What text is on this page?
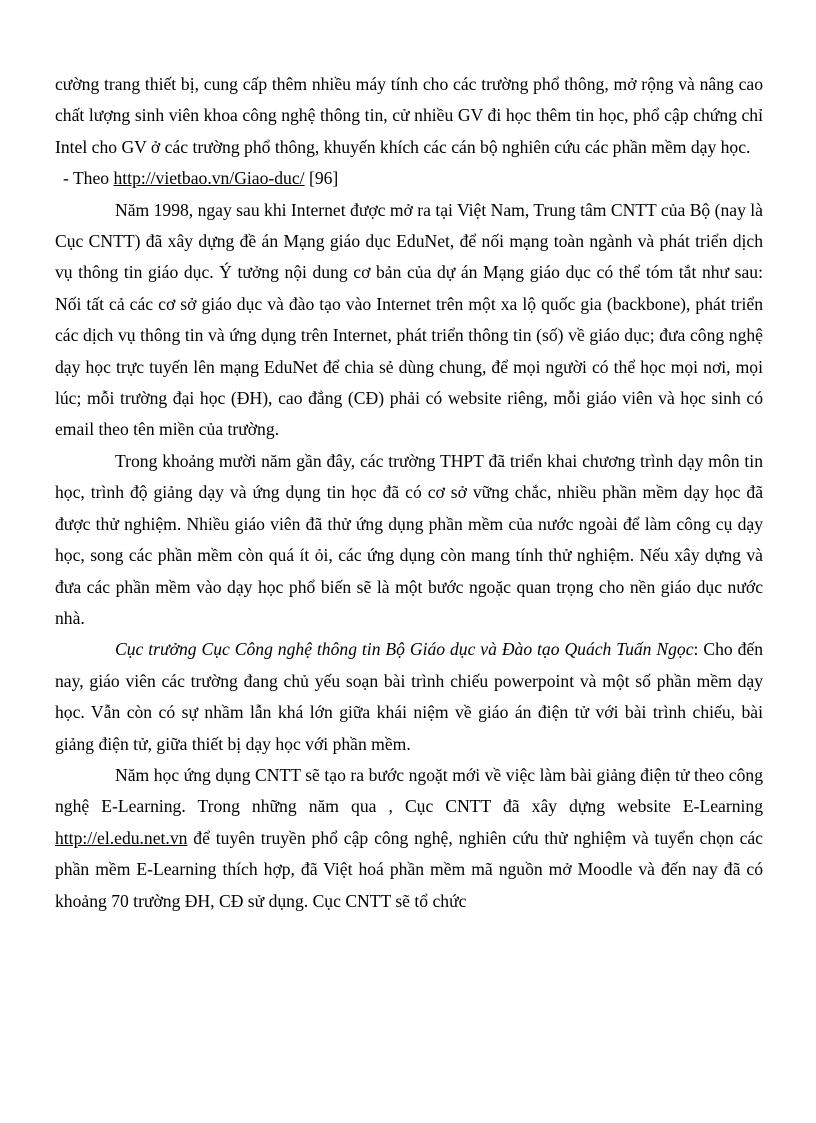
cường trang thiết bị, cung cấp thêm nhiều máy tính cho các trường phổ thông, mở rộng và nâng cao chất lượng sinh viên khoa công nghệ thông tin, cử nhiều GV đi học thêm tin học, phổ cập chứng chỉ Intel cho GV ở các trường phổ thông, khuyến khích các cán bộ nghiên cứu các phần mềm dạy học.

- Theo http://vietbao.vn/Giao-duc/ [96]

Năm 1998, ngay sau khi Internet được mở ra tại Việt Nam, Trung tâm CNTT của Bộ (nay là Cục CNTT) đã xây dựng đề án Mạng giáo dục EduNet, để nối mạng toàn ngành và phát triển dịch vụ thông tin giáo dục. Ý tưởng nội dung cơ bản của dự án Mạng giáo dục có thể tóm tắt như sau: Nối tất cả các cơ sở giáo dục và đào tạo vào Internet trên một xa lộ quốc gia (backbone), phát triển các dịch vụ thông tin và ứng dụng trên Internet, phát triển thông tin (số) về giáo dục; đưa công nghệ dạy học trực tuyến lên mạng EduNet để chia sẻ dùng chung, để mọi người có thể học mọi nơi, mọi lúc; mỗi trường đại học (ĐH), cao đẳng (CĐ) phải có website riêng, mỗi giáo viên và học sinh có email theo tên miền của trường.

Trong khoảng mười năm gần đây, các trường THPT đã triển khai chương trình dạy môn tin học, trình độ giảng dạy và ứng dụng tin học đã có cơ sở vững chắc, nhiều phần mềm dạy học đã được thử nghiệm. Nhiều giáo viên đã thử ứng dụng phần mềm của nước ngoài để làm công cụ dạy học, song các phần mềm còn quá ít ỏi, các ứng dụng còn mang tính thử nghiệm. Nếu xây dựng và đưa các phần mềm vào dạy học phổ biến sẽ là một bước ngoặc quan trọng cho nền giáo dục nước nhà.

Cục trưởng Cục Công nghệ thông tin Bộ Giáo dục và Đào tạo Quách Tuấn Ngọc: Cho đến nay, giáo viên các trường đang chủ yếu soạn bài trình chiếu powerpoint và một số phần mềm dạy học. Vẫn còn có sự nhầm lẫn khá lớn giữa khái niệm về giáo án điện tử với bài trình chiếu, bài giảng điện tử, giữa thiết bị dạy học với phần mềm.

Năm học ứng dụng CNTT sẽ tạo ra bước ngoặt mới về việc làm bài giảng điện tử theo công nghệ E-Learning. Trong những năm qua , Cục CNTT đã xây dựng website E-Learning http://el.edu.net.vn để tuyên truyền phổ cập công nghệ, nghiên cứu thử nghiệm và tuyển chọn các phần mềm E-Learning thích hợp, đã Việt hoá phần mềm mã nguồn mở Moodle và đến nay đã có khoảng 70 trường ĐH, CĐ sử dụng. Cục CNTT sẽ tổ chức
